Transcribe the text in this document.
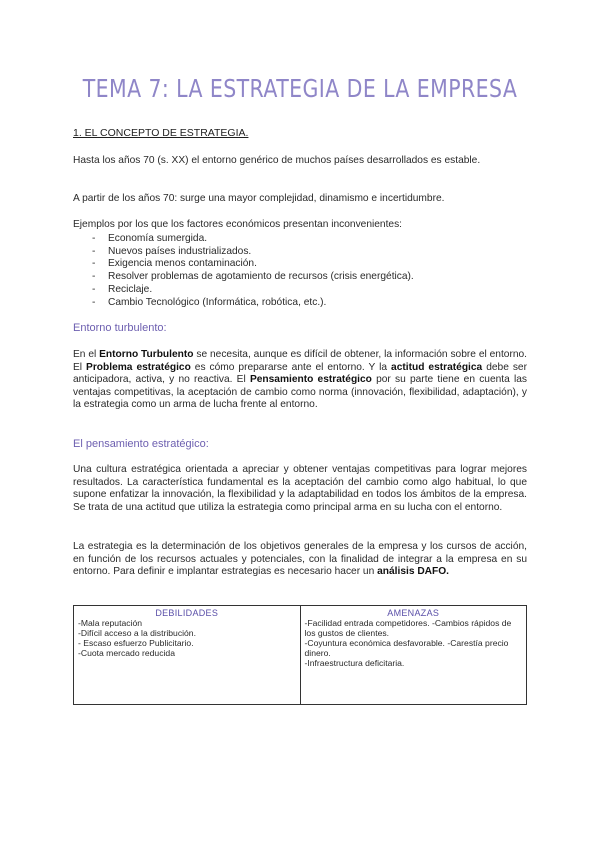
TEMA 7: LA ESTRATEGIA DE LA EMPRESA
1. EL CONCEPTO DE ESTRATEGIA.
Hasta los años 70 (s. XX) el entorno genérico de muchos países desarrollados es estable.
A partir de los años 70: surge una mayor complejidad, dinamismo e incertidumbre.
Ejemplos por los que los factores económicos presentan inconvenientes:
- Economía sumergida.
- Nuevos países industrializados.
- Exigencia menos contaminación.
- Resolver problemas de agotamiento de recursos (crisis energética).
- Reciclaje.
- Cambio Tecnológico (Informática, robótica, etc.).
Entorno turbulento:
En el Entorno Turbulento se necesita, aunque es difícil de obtener, la información sobre el entorno. El Problema estratégico es cómo prepararse ante el entorno. Y la actitud estratégica debe ser anticipadora, activa, y no reactiva. El Pensamiento estratégico por su parte tiene en cuenta las ventajas competitivas, la aceptación de cambio como norma (innovación, flexibilidad, adaptación), y la estrategia como un arma de lucha frente al entorno.
El pensamiento estratégico:
Una cultura estratégica orientada a apreciar y obtener ventajas competitivas para lograr mejores resultados. La característica fundamental es la aceptación del cambio como algo habitual, lo que supone enfatizar la innovación, la flexibilidad y la adaptabilidad en todos los ámbitos de la empresa. Se trata de una actitud que utiliza la estrategia como principal arma en su lucha con el entorno.
La estrategia es la determinación de los objetivos generales de la empresa y los cursos de acción, en función de los recursos actuales y potenciales, con la finalidad de integrar a la empresa en su entorno. Para definir e implantar estrategias es necesario hacer un análisis DAFO.
DEBILIDADES
-Mala reputación
-Difícil acceso a la distribución.
- Escaso esfuerzo Publicitario.
-Cuota mercado reducida

AMENAZAS
-Facilidad entrada competidores. -Cambios rápidos de los gustos de clientes.
-Coyuntura económica desfavorable. -Carestía precio dinero.
-Infraestructura deficitaria.
